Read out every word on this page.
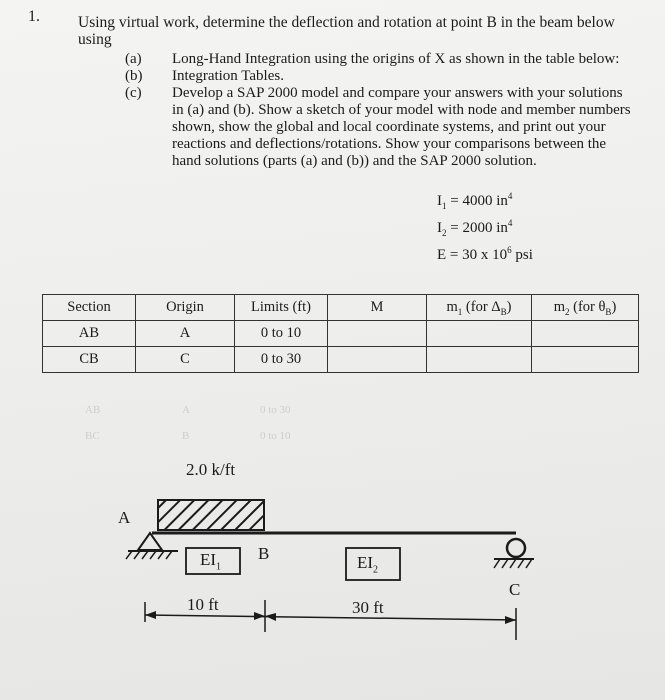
1. Using virtual work, determine the deflection and rotation at point B in the beam below using
(a) Long-Hand Integration using the origins of X as shown in the table below:
(b) Integration Tables.
(c) Develop a SAP 2000 model and compare your answers with your solutions in (a) and (b). Show a sketch of your model with node and member numbers shown, show the global and local coordinate systems, and print out your reactions and deflections/rotations. Show your comparisons between the hand solutions (parts (a) and (b)) and the SAP 2000 solution.
$I_1 = 4000$ $in^4$
$I_2 = 2000$ $in^4$
E = 30 x $10^6$ psi
Section	Origin	Limits (ft)	M	$m_1$ (for $\Delta_B$)	$m_2$ (for $\theta_B$)
AB	A	0 to 10			
CB	C	0 to 30			
AB	A	0 to 30
BC	B	0 to 10
2.0 k/ft
A
B
C
$EI_1$	$EI_2$
10 ft	30 ft
